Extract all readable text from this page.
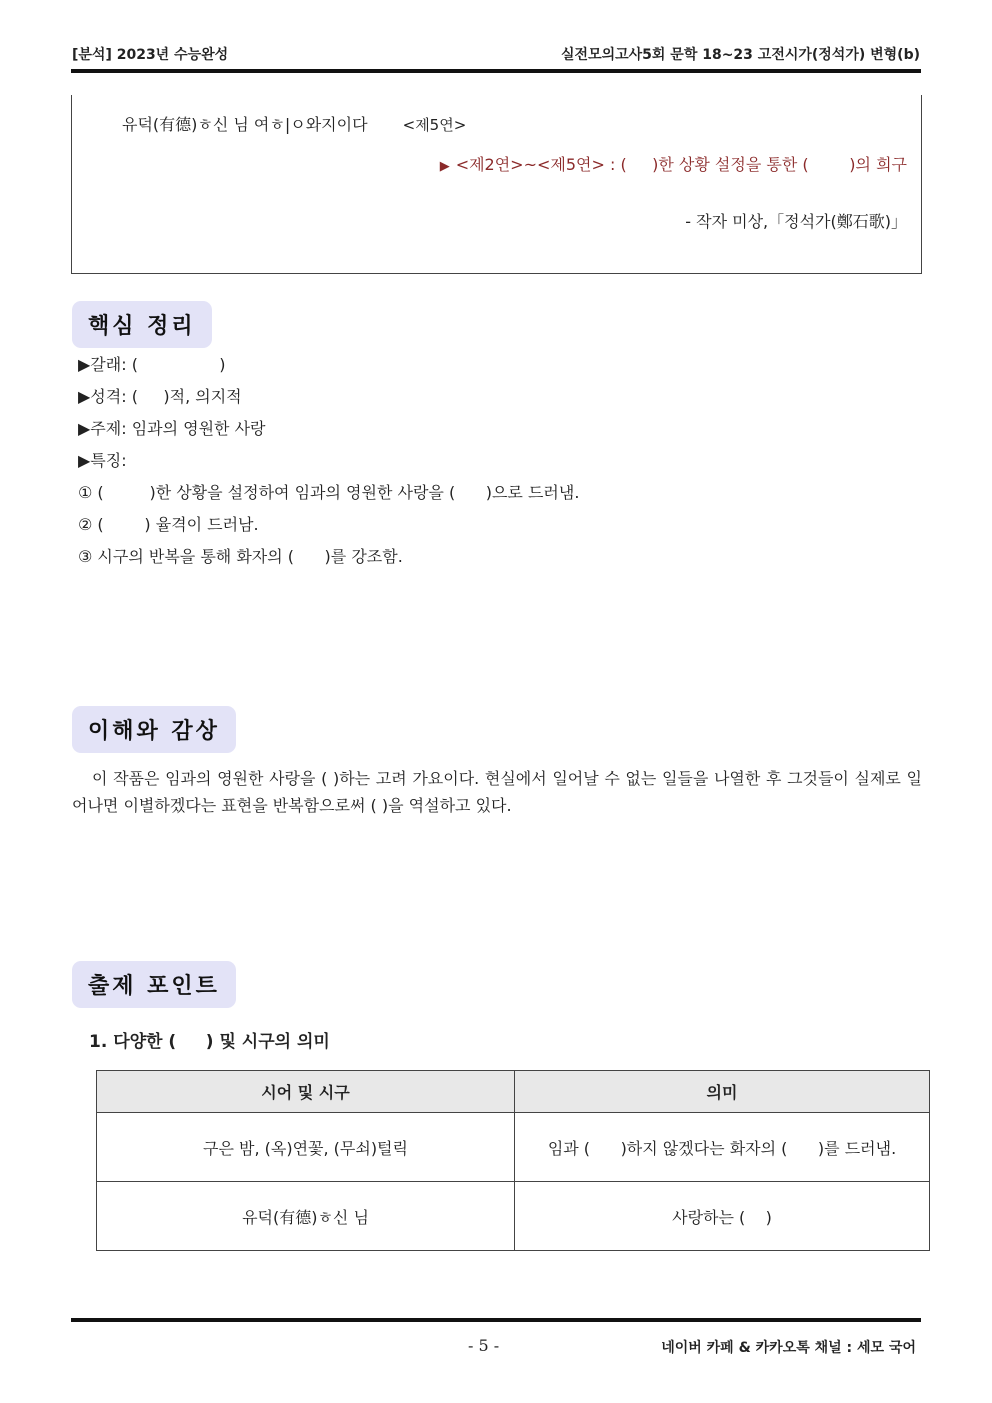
[분석] 2023년 수능완성	실전모의고사5회 문학 18~23 고전시가(정석가) 변형(b)
유덕(有德)ㅎ신 님 여ㅎ|ㅇ와지이다 <제5연>
▶ <제2연>~<제5연> : (     )한 상황 설정을 통한 (        )의 희구
- 작자 미상,「정석가(鄭石歌)」
핵심 정리
▶갈래: (                )
▶성격: (     )적, 의지적
▶주제: 임과의 영원한 사랑
▶특징:
① (         )한 상황을 설정하여 임과의 영원한 사랑을 (      )으로 드러냄.
② (        ) 율격이 드러남.
③ 시구의 반복을 통해 화자의 (      )를 강조함.
이해와 감상
이 작품은 임과의 영원한 사랑을 ( )하는 고려 가요이다. 현실에서 일어날 수 없는 일들을 나열한 후 그것들이 실제로 일어나면 이별하겠다는 표현을 반복함으로써 ( )을 역설하고 있다.
출제 포인트
1. 다양한 (     ) 및 시구의 의미
시어 및 시구	의미
구은 밤, (옥)연꽃, (무쇠)털릭	임과 (      )하지 않겠다는 화자의 (      )를 드러냄.
유덕(有德)ㅎ신 님	사랑하는 (    )
- 5 -	네이버 카페 & 카카오톡 채널 : 세모 국어
